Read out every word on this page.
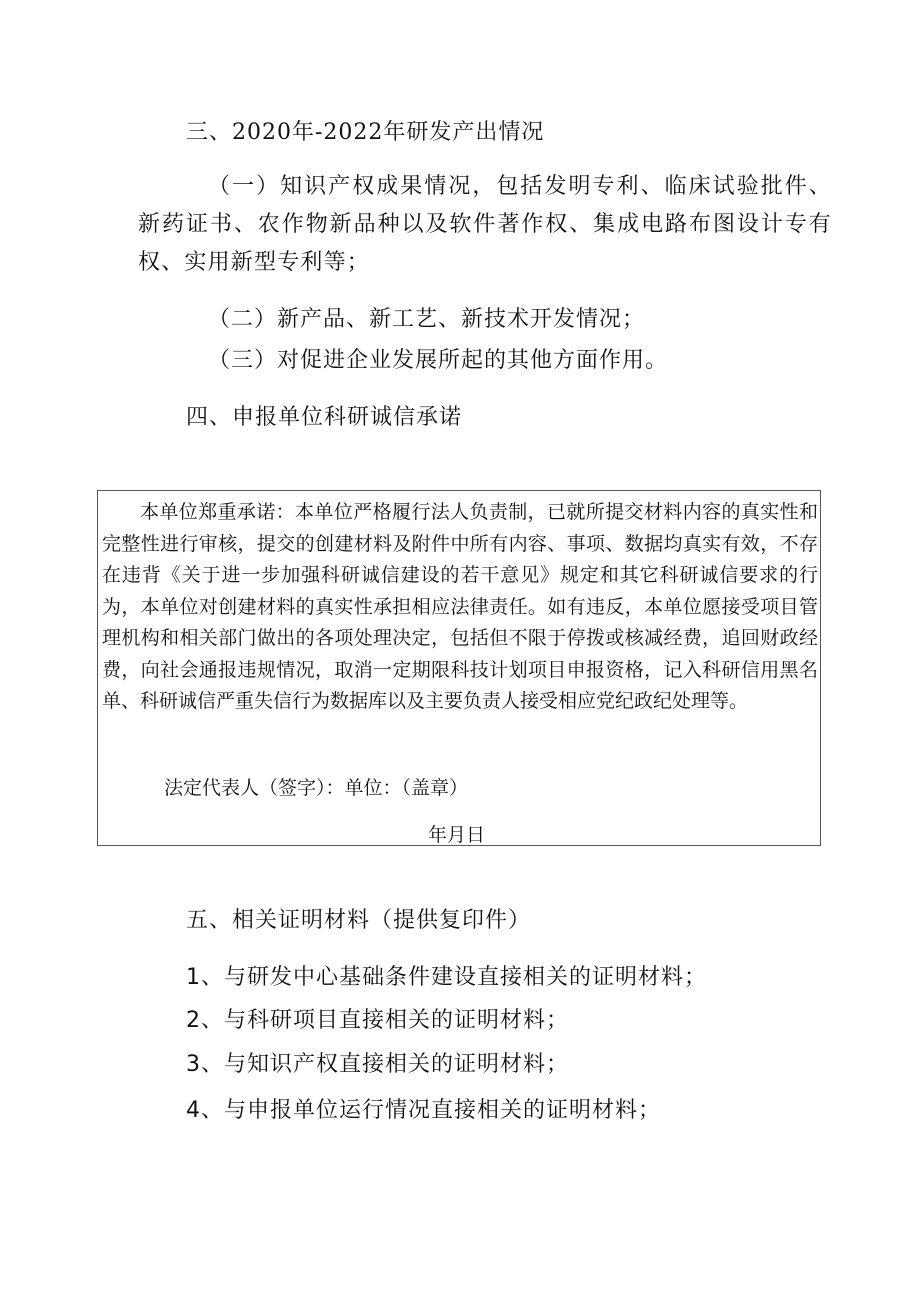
三、2020年-2022年研发产出情况
（一）知识产权成果情况，包括发明专利、临床试验批件、新药证书、农作物新品种以及软件著作权、集成电路布图设计专有权、实用新型专利等；
（二）新产品、新工艺、新技术开发情况；
（三）对促进企业发展所起的其他方面作用。
四、申报单位科研诚信承诺
本单位郑重承诺：本单位严格履行法人负责制，已就所提交材料内容的真实性和完整性进行审核，提交的创建材料及附件中所有内容、事项、数据均真实有效，不存在违背《关于进一步加强科研诚信建设的若干意见》规定和其它科研诚信要求的行为，本单位对创建材料的真实性承担相应法律责任。如有违反，本单位愿接受项目管理机构和相关部门做出的各项处理决定，包括但不限于停拨或核减经费，追回财政经费，向社会通报违规情况，取消一定期限科技计划项目申报资格，记入科研信用黑名单、科研诚信严重失信行为数据库以及主要负责人接受相应党纪政纪处理等。
法定代表人（签字）：单位：（盖章）
年月日
五、相关证明材料（提供复印件）
1、与研发中心基础条件建设直接相关的证明材料；
2、与科研项目直接相关的证明材料；
3、与知识产权直接相关的证明材料；
4、与申报单位运行情况直接相关的证明材料；
